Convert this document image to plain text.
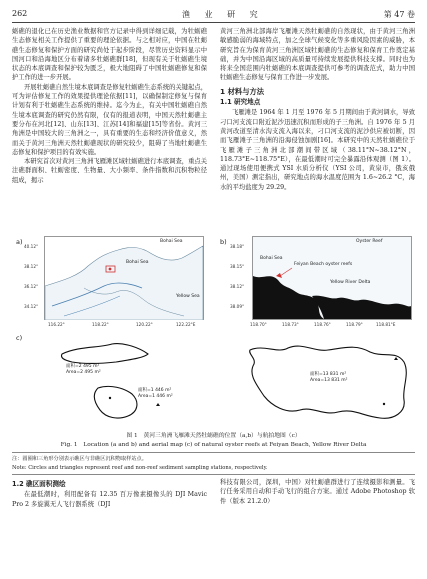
262	渔 业 研 究	第 47 卷

蛎礁的退化已在历史渔业数据和官方记录中得到详细记载，为牡蛎礁生态修复相关工作提供了重要的理论依据。与之相对应，中国在牡蛎礁生态修复和保护方面的研究尚处于起步阶段，尽管历史资料显示中国河口和沿海地区分布着诸多牡蛎礁群[18]，但现有关于牡蛎礁生境状态的本底调查和保护较为匮乏，极大地阻碍了中国牡蛎礁修复和保护工作的进一步开展。

开展牡蛎礁自然生境本底调查是修复牡蛎礁生态系统的关键起点，可为评估修复工作的效果提供理论依据[11]，以确保制定修复与保育计划有利于牡蛎礁生态系统的维持。迄今为止，有关中国牡蛎礁自然生境本底调查的研究仍然有限，仅有的报道表明，中国天然牡蛎礁主要分布在河北[12]、山东[13]、江苏[14]和福建[15]等省份。黄河三角洲是中国较大的三角洲之一，具有重要的生态和经济价值意义，然而关于黄河三角洲天然牡蛎礁现状的研究较少，阻碍了当地牡蛎礁生态修复和保护项目的有效实施。

本研究首次对黄河三角洲飞雁滩区域牡蛎礁进行本底调查，重点关注礁群面积、牡蛎密度、生物量、大小频率、条件指数和沉积物粒径组成，揭示

黄河三角洲北部海岸飞雁滩天然牡蛎礁的自然现状，由于黄河三角洲敏感脆弱的海域特点，加之全球气候变化等多重风险因素的威胁，本研究旨在为保育黄河三角洲区域牡蛎礁的生态修复和保育工作奠定基础，并为中国沿海区域的高质量可持续发展提供科技支撑。同时也为将来全国范围内牡蛎礁的本底调查提供可参考的调查范式，助力中国牡蛎礁生态修复与保育工作进一步发展。

1 材料与方法
1.1 研究地点

飞雁滩是 1964 年 1 月至 1976 年 5 月期间由于黄河调水，导致刁口河支流口附近泥沙迅速沉积而形成的子三角洲。自 1976 年 5 月黄河改道至清水沟支流入海以来，刁口河支流的泥沙供应被切断，因而飞雁滩子三角洲的沿海侵蚀加剧[16]。本研究中的天然牡蛎礁位于飞雁滩子三角洲北部潮间带区域（38.11°N~38.12°N，118.73°E~118.75°E），在最低潮时可完全暴露沿体观测（图 1）。通过现场使用便携式 YSI 水质分析仪（YSI 公司，黄泉市，俄亥俄州，美国）测定指出，研究地点的海水温度范围为 1.6~26.2 °C，海水的平均盐度为 29.29。

a)	b)
c)
Bohai Sea
Bohai Sea
Yellow Sea
40.12°
38.12°
36.12°
34.12°
116.22°	118.22°	120.22°	122.22°E
Oyster Reef
Bohai Sea
Yellow River Delta
Feiyan Beach oyster reefs
38.18°
38.15°
38.12°
38.09°
118.70°	118.73°	118.76°	118.79°	118.81°E
面积=2 495 m²
Area=2 495 m²
面积=1 446 m²
Area=1 446 m²
面积=13 831 m²
Area=13 831 m²
图 1　黄河三角洲飞雁滩天然牡蛎礁的位置（a,b）与航拍地图（c）
Fig. 1　Location (a and b) and aerial map (c) of natural oyster reefs at Feiyan Beach, Yellow River Delta
注：圆圈和三角形分别表示礁区与非礁区沉积物取样站点。
Note: Circles and triangles represent reef and non-reef sediment sampling stations, respectively.
1.2 礁区面积测绘

在最低潮时，利用配备有 12.35 百万像素摄像头的 DJI Mavic Pro 2 多旋翼无人飞行器系统（DJI

科技有限公司，深圳，中国）对牡蛎礁群进行了连续摄影和测量。飞行任务采用自动和手动飞行的组合方案。通过 Adobe Photoshop 软件（版本 21.2.0）
